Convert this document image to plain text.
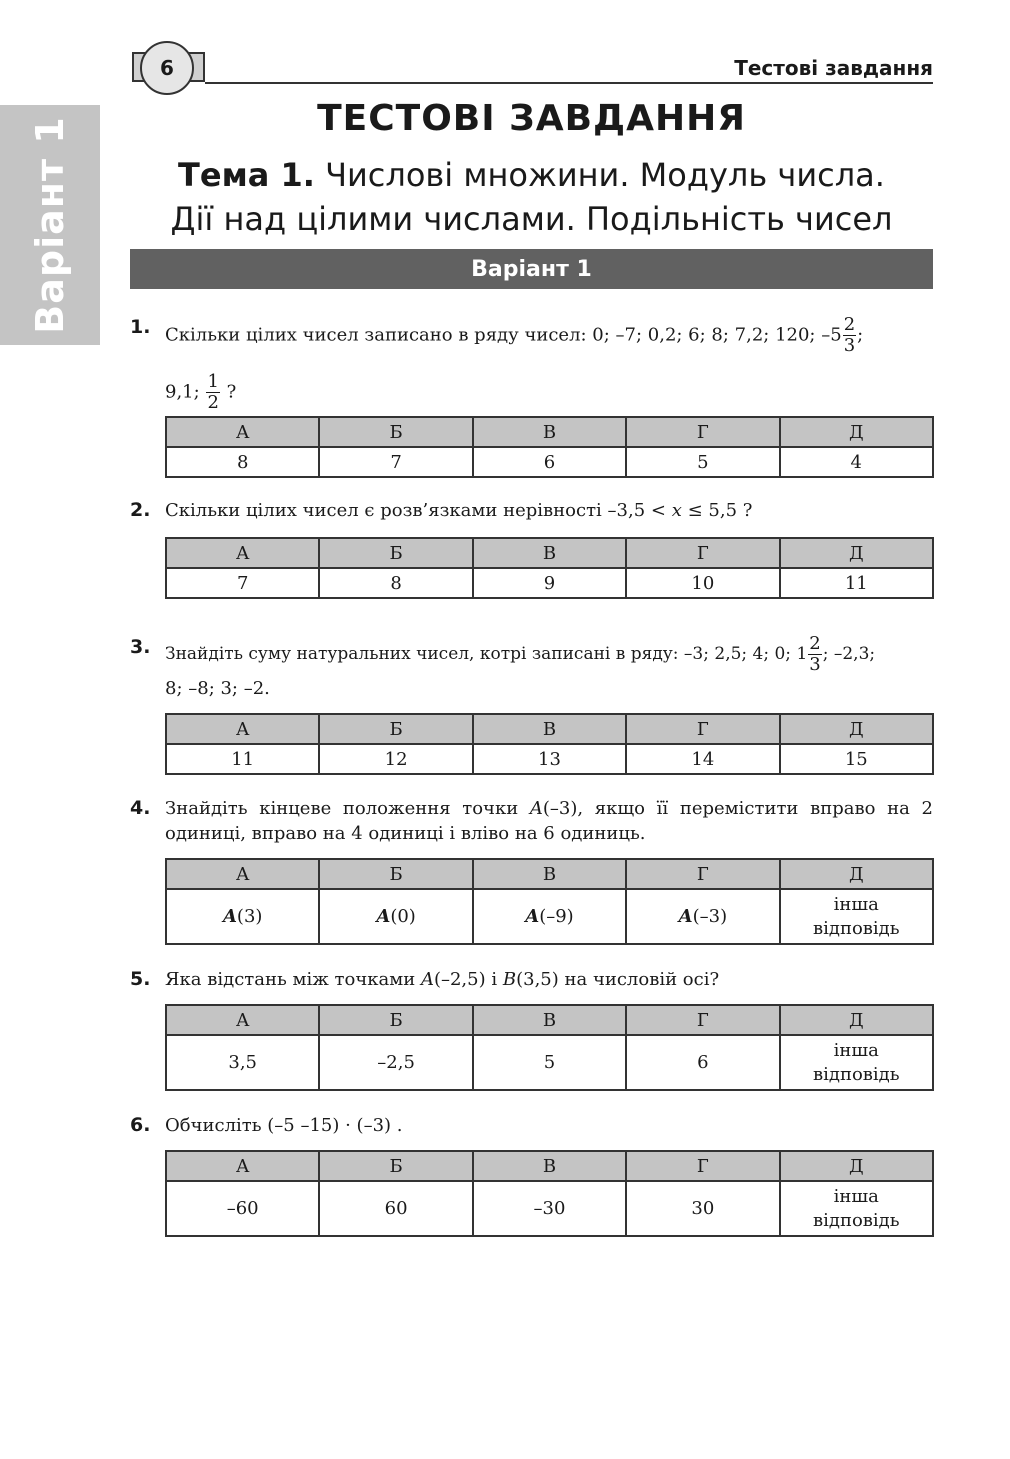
Варіант 1
6	Тестові завдання
ТЕСТОВІ ЗАВДАННЯ
Тема 1. Числові множини. Модуль числа.
Дії над цілими числами. Подільність чисел
Варіант 1
1. Скільки цілих чисел записано в ряду чисел: 0; –7; 0,2; 6; 8; 7,2; 120; $-5 \frac{2}{3}$ ;
9,1; $\frac{1}{2}$ ?
А	Б	В	Г	Д
8	7	6	5	4
2. Скільки цілих чисел є розв’язками нерівності –3,5 < x ≤ 5,5 ?
А	Б	В	Г	Д
7	8	9	10	11
3. Знайдіть суму натуральних чисел, котрі записані в ряду: –3; 2,5; 4; 0; $1 \frac{2}{3}$ ; –2,3;
8; –8; 3; –2.
А	Б	В	Г	Д
11	12	13	14	15
4. Знайдіть кінцеве положення точки A(–3), якщо її перемістити вправо на 2 одиниці, вправо на 4 одиниці і вліво на 6 одиниць.
А	Б	В	Г	Д
A(3)	A(0)	A(–9)	A(–3)	інша
відповідь
5. Яка відстань між точками A(–2,5) і B(3,5) на числовій осі?
А	Б	В	Г	Д
3,5	–2,5	5	6	інша
відповідь
6. Обчисліть (–5 –15) · (–3) .
А	Б	В	Г	Д
–60	60	–30	30	інша
відповідь
